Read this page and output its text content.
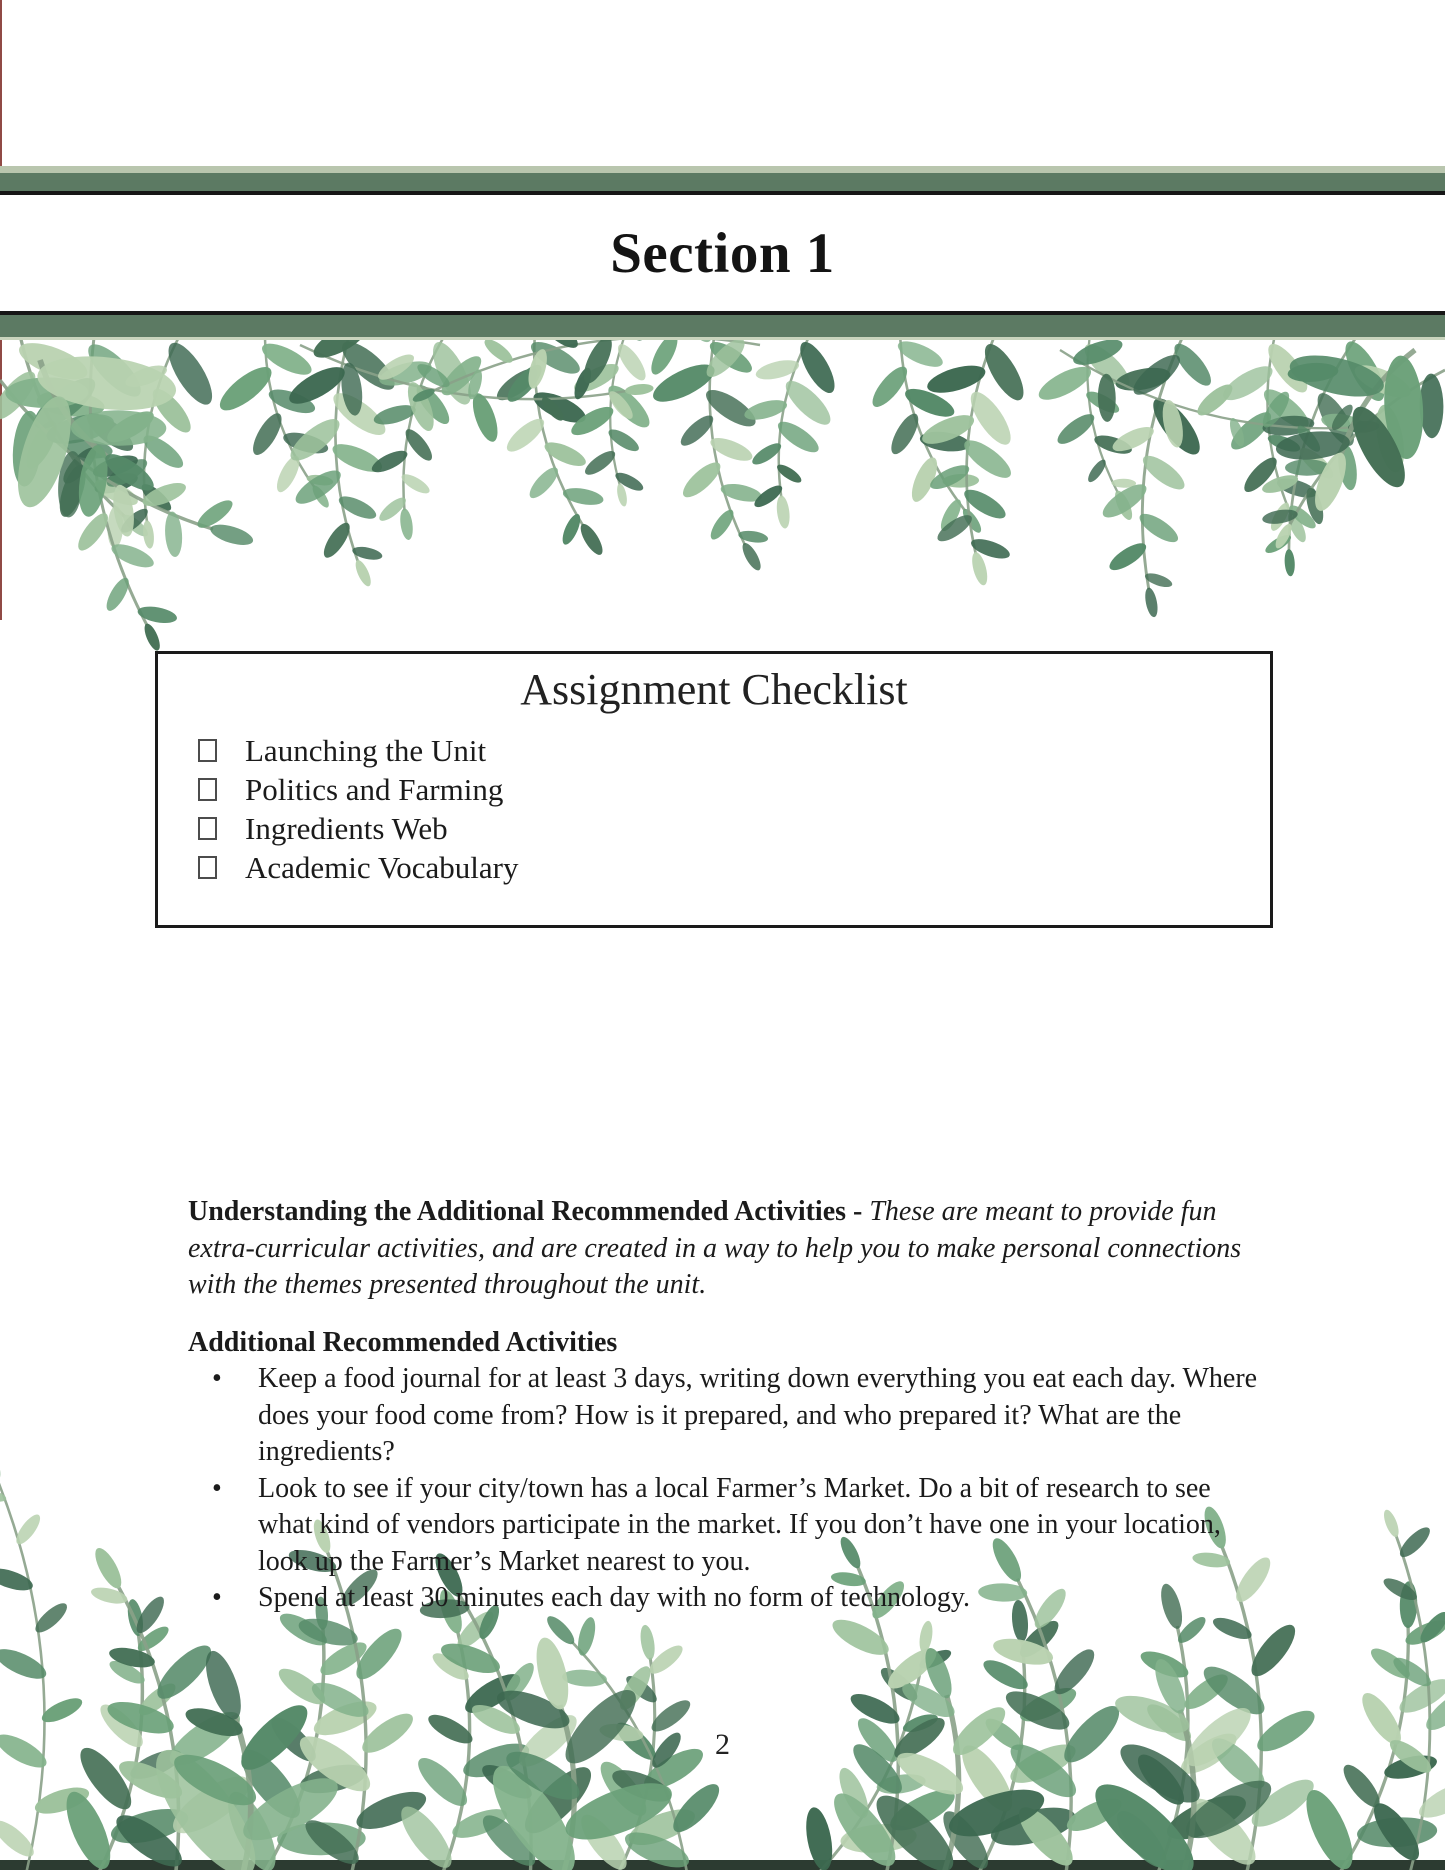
Section 1
Assignment Checklist
Launching the Unit
Politics and Farming
Ingredients Web
Academic Vocabulary

Understanding the Additional Recommended Activities - These are meant to provide fun extra-curricular activities, and are created in a way to help you to make personal connections with the themes presented throughout the unit.

Additional Recommended Activities
• Keep a food journal for at least 3 days, writing down everything you eat each day. Where does your food come from? How is it prepared, and who prepared it? What are the ingredients?
• Look to see if your city/town has a local Farmer’s Market. Do a bit of research to see what kind of vendors participate in the market. If you don’t have one in your location, look up the Farmer’s Market nearest to you.
• Spend at least 30 minutes each day with no form of technology.
2
